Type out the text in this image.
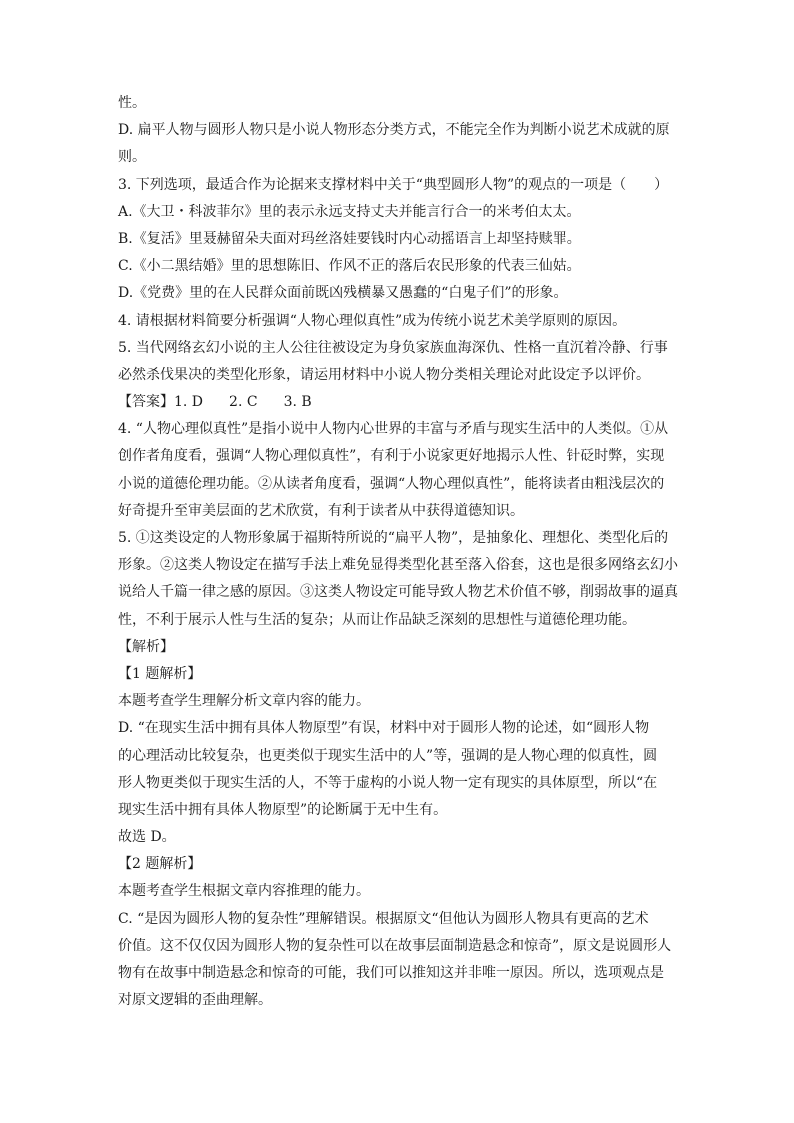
性。
D. 扁平人物与圆形人物只是小说人物形态分类方式，不能完全作为判断小说艺术成就的原
则。
3. 下列选项，最适合作为论据来支撑材料中关于“典型圆形人物”的观点的一项是（　　）
A.《大卫・科波菲尔》里的表示永远支持丈夫并能言行合一的米考伯太太。
B.《复活》里聂赫留朵夫面对玛丝洛娃要钱时内心动摇语言上却坚持赎罪。
C.《小二黑结婚》里的思想陈旧、作风不正的落后农民形象的代表三仙姑。
D.《党费》里的在人民群众面前既凶残横暴又愚蠢的“白鬼子们”的形象。
4. 请根据材料简要分析强调“人物心理似真性”成为传统小说艺术美学原则的原因。
5. 当代网络玄幻小说的主人公往往被设定为身负家族血海深仇、性格一直沉着冷静、行事
必然杀伐果决的类型化形象，请运用材料中小说人物分类相关理论对此设定予以评价。
【答案】1. D 2. C 3. B
4. “人物心理似真性”是指小说中人物内心世界的丰富与矛盾与现实生活中的人类似。①从
创作者角度看，强调“人物心理似真性”，有利于小说家更好地揭示人性、针砭时弊，实现
小说的道德伦理功能。②从读者角度看，强调“人物心理似真性”，能将读者由粗浅层次的
好奇提升至审美层面的艺术欣赏，有利于读者从中获得道德知识。
5. ①这类设定的人物形象属于福斯特所说的“扁平人物”，是抽象化、理想化、类型化后的
形象。②这类人物设定在描写手法上难免显得类型化甚至落入俗套，这也是很多网络玄幻小
说给人千篇一律之感的原因。③这类人物设定可能导致人物艺术价值不够，削弱故事的逼真
性，不利于展示人性与生活的复杂；从而让作品缺乏深刻的思想性与道德伦理功能。
【解析】
【1 题解析】
本题考查学生理解分析文章内容的能力。
D. “在现实生活中拥有具体人物原型”有误，材料中对于圆形人物的论述，如“圆形人物
的心理活动比较复杂，也更类似于现实生活中的人”等，强调的是人物心理的似真性，圆
形人物更类似于现实生活的人，不等于虚构的小说人物一定有现实的具体原型，所以“在
现实生活中拥有具体人物原型”的论断属于无中生有。
故选 D。
【2 题解析】
本题考查学生根据文章内容推理的能力。
C. “是因为圆形人物的复杂性”理解错误。根据原文“但他认为圆形人物具有更高的艺术
价值。这不仅仅因为圆形人物的复杂性可以在故事层面制造悬念和惊奇”，原文是说圆形人
物有在故事中制造悬念和惊奇的可能，我们可以推知这并非唯一原因。所以，选项观点是
对原文逻辑的歪曲理解。
